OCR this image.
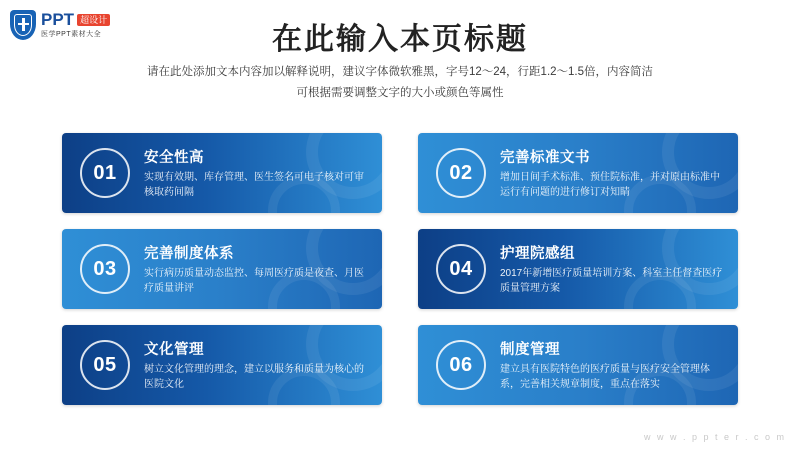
PPT 超设计
医学PPT素材大全	在此输入本页标题
请在此处添加文本内容加以解释说明，建议字体微软雅黑，字号12～24，行距1.2～1.5倍，内容简洁
可根据需要调整文字的大小或颜色等属性
01
安全性高
实现有效期、库存管理、医生签名可电子核对可审核取药间隔
02
完善标准文书
增加日间手术标准、预住院标准，并对原由标准中运行有问题的进行修订对知睛
03
完善制度体系
实行病历质量动态监控、每周医疗质是夜查、月医疗质量讲评
04
护理院感组
2017年新增医疗质量培训方案、科室主任督查医疗 质量管理方案
05
文化管理
树立文化管理的理念，建立以服务和质量为核心的医院文化
06
制度管理
建立具有医院特色的医疗质量与医疗安全管理体系，完善相关规章制度，重点在落实
w w w . p p t e r . c o m
